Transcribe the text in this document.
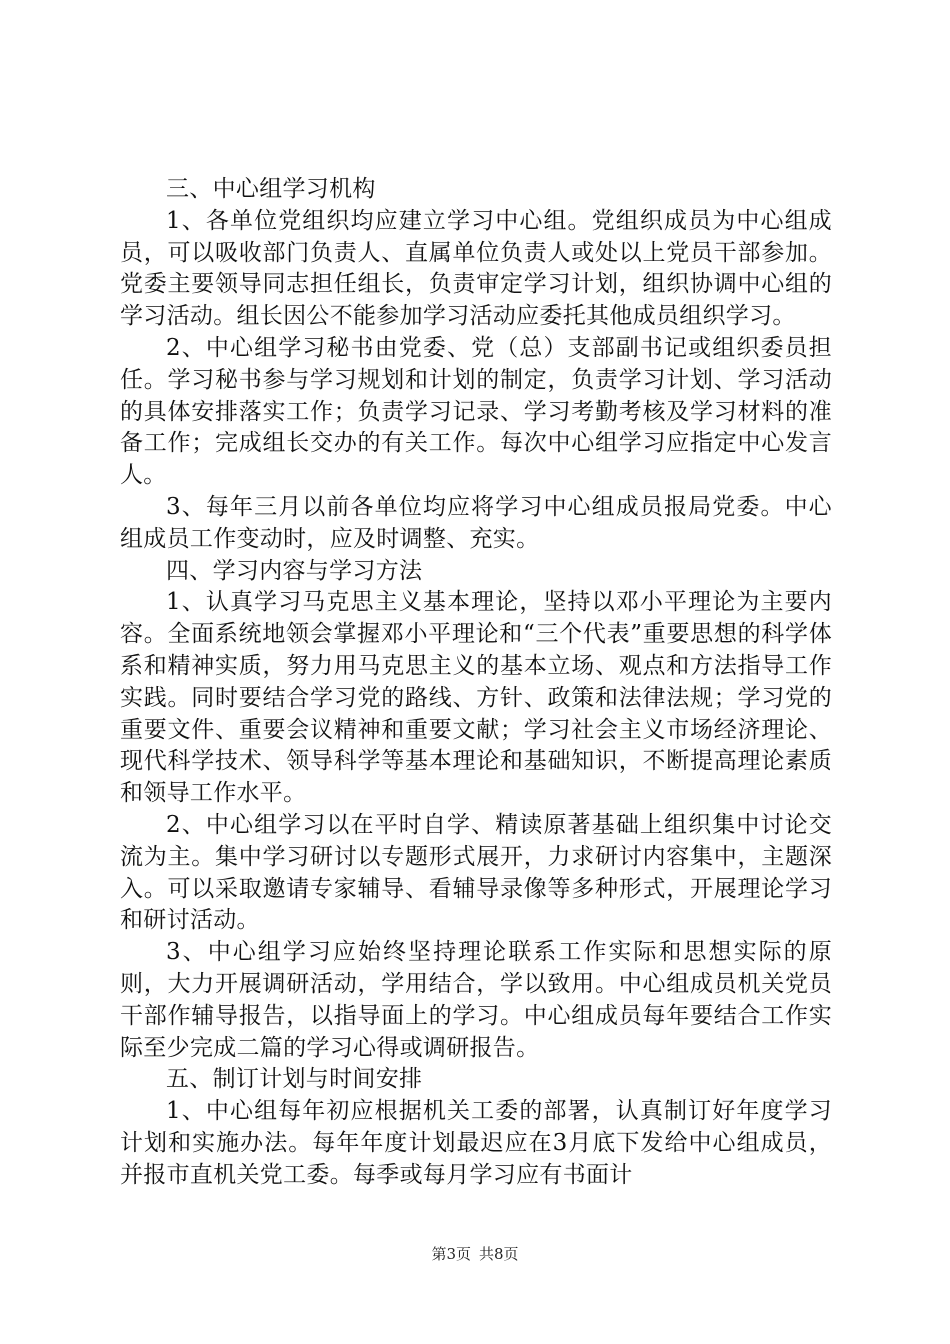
三、中心组学习机构

1、各单位党组织均应建立学习中心组。党组织成员为中心组成员，可以吸收部门负责人、直属单位负责人或处以上党员干部参加。党委主要领导同志担任组长，负责审定学习计划，组织协调中心组的学习活动。组长因公不能参加学习活动应委托其他成员组织学习。

2、中心组学习秘书由党委、党（总）支部副书记或组织委员担任。学习秘书参与学习规划和计划的制定，负责学习计划、学习活动的具体安排落实工作；负责学习记录、学习考勤考核及学习材料的准备工作；完成组长交办的有关工作。每次中心组学习应指定中心发言人。

3、每年三月以前各单位均应将学习中心组成员报局党委。中心组成员工作变动时，应及时调整、充实。

四、学习内容与学习方法

1、认真学习马克思主义基本理论，坚持以邓小平理论为主要内容。全面系统地领会掌握邓小平理论和“三个代表”重要思想的科学体系和精神实质，努力用马克思主义的基本立场、观点和方法指导工作实践。同时要结合学习党的路线、方针、政策和法律法规；学习党的重要文件、重要会议精神和重要文献；学习社会主义市场经济理论、现代科学技术、领导科学等基本理论和基础知识，不断提高理论素质和领导工作水平。

2、中心组学习以在平时自学、精读原著基础上组织集中讨论交流为主。集中学习研讨以专题形式展开，力求研讨内容集中，主题深入。可以采取邀请专家辅导、看辅导录像等多种形式，开展理论学习和研讨活动。

3、中心组学习应始终坚持理论联系工作实际和思想实际的原则，大力开展调研活动，学用结合，学以致用。中心组成员机关党员干部作辅导报告，以指导面上的学习。中心组成员每年要结合工作实际至少完成二篇的学习心得或调研报告。

五、制订计划与时间安排

1、中心组每年初应根据机关工委的部署，认真制订好年度学习计划和实施办法。每年年度计划最迟应在3月底下发给中心组成员，并报市直机关党工委。每季或每月学习应有书面计

第3页 共8页
